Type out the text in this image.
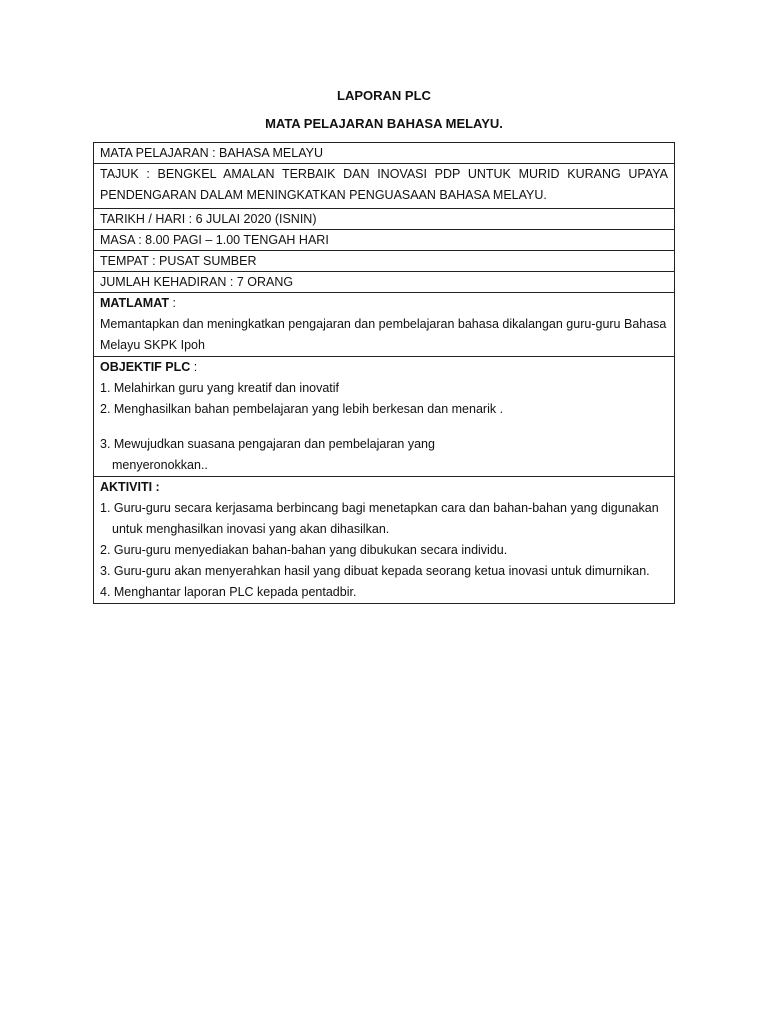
LAPORAN PLC
MATA PELAJARAN BAHASA MELAYU.
MATA PELAJARAN : BAHASA MELAYU
TAJUK : BENGKEL AMALAN TERBAIK DAN INOVASI PDP UNTUK MURID KURANG UPAYA PENDENGARAN DALAM MENINGKATKAN PENGUASAAN BAHASA MELAYU.
TARIKH / HARI : 6 JULAI 2020 (ISNIN)
MASA : 8.00 PAGI – 1.00 TENGAH HARI
TEMPAT : PUSAT SUMBER
JUMLAH KEHADIRAN : 7 ORANG

MATLAMAT :
Memantapkan dan meningkatkan pengajaran dan pembelajaran bahasa dikalangan guru-guru Bahasa Melayu SKPK Ipoh

OBJEKTIF PLC :
1. Melahirkan guru yang kreatif dan inovatif
2. Menghasilkan bahan pembelajaran yang lebih berkesan dan menarik .
3. Mewujudkan suasana pengajaran dan pembelajaran yang
menyeronokkan..

AKTIVITI :
1. Guru-guru secara kerjasama berbincang bagi menetapkan cara dan bahan-bahan yang digunakan
untuk menghasilkan inovasi yang akan dihasilkan.
2. Guru-guru menyediakan bahan-bahan yang dibukukan secara individu.
3. Guru-guru akan menyerahkan hasil yang dibuat kepada seorang ketua inovasi untuk dimurnikan.
4. Menghantar laporan PLC kepada pentadbir.
